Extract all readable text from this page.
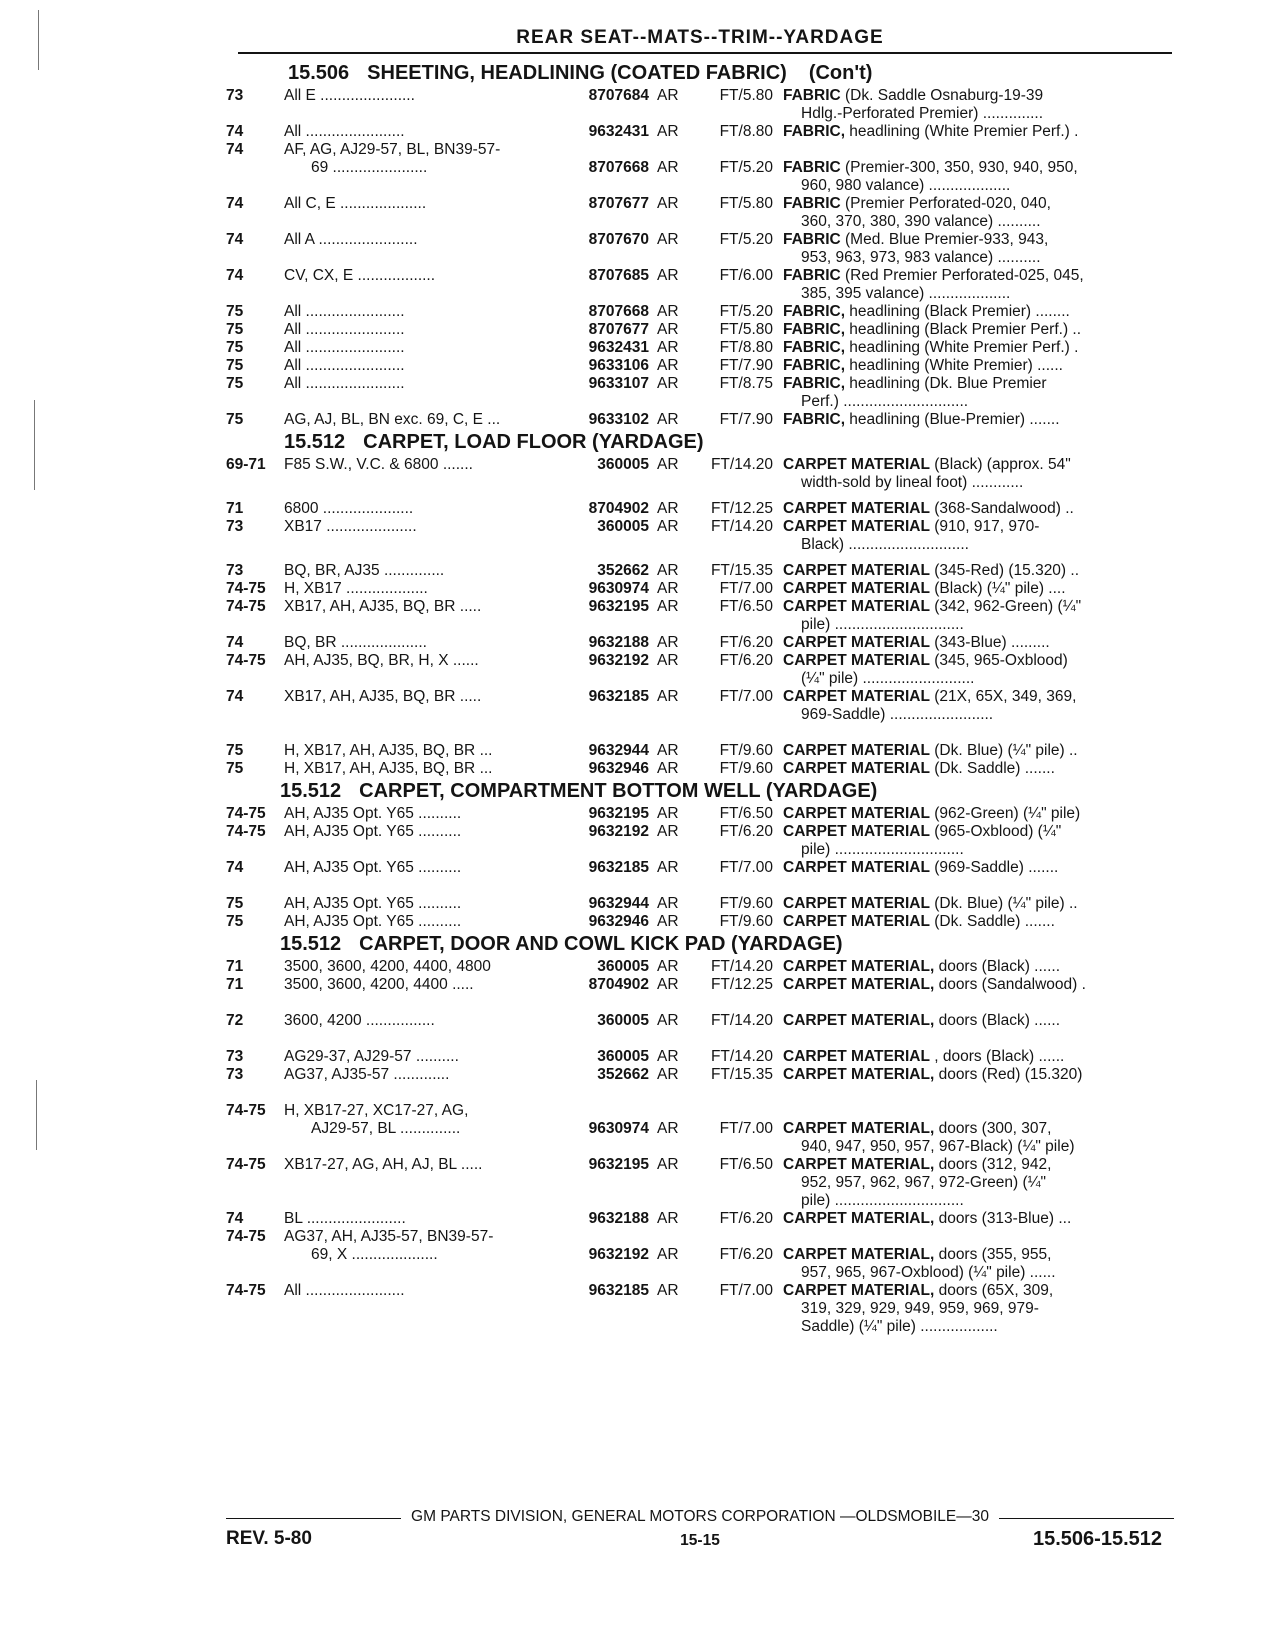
REAR SEAT--MATS--TRIM--YARDAGE
15.506 SHEETING, HEADLINING (COATED FABRIC) (Con't)
73	All E ......................	8707684 AR	FT/5.80 FABRIC (Dk. Saddle Osnaburg-19-39
Hdlg.-Perforated Premier) ..............
74	All .......................	9632431 AR	FT/8.80 FABRIC, headlining (White Premier Perf.) .
74	AF, AG, AJ29-57, BL, BN39-57-
69 ......................	8707668 AR	FT/5.20 FABRIC (Premier-300, 350, 930, 940, 950,
960, 980 valance) ...................
74	All C, E ....................	8707677 AR	FT/5.80 FABRIC (Premier Perforated-020, 040,
360, 370, 380, 390 valance) ..........
74	All A .......................	8707670 AR	FT/5.20 FABRIC (Med. Blue Premier-933, 943,
953, 963, 973, 983 valance) ..........
74	CV, CX, E ..................	8707685 AR	FT/6.00 FABRIC (Red Premier Perforated-025, 045,
385, 395 valance) ...................
75	All .......................	8707668 AR	FT/5.20 FABRIC, headlining (Black Premier) ........
75	All .......................	8707677 AR	FT/5.80 FABRIC, headlining (Black Premier Perf.) ..
75	All .......................	9632431 AR	FT/8.80 FABRIC, headlining (White Premier Perf.) .
75	All .......................	9633106 AR	FT/7.90 FABRIC, headlining (White Premier) ......
75	All .......................	9633107 AR	FT/8.75 FABRIC, headlining (Dk. Blue Premier
Perf.) .............................
75	AG, AJ, BL, BN exc. 69, C, E ...	9633102 AR	FT/7.90 FABRIC, headlining (Blue-Premier) .......
15.512 CARPET, LOAD FLOOR (YARDAGE)
69-71	F85 S.W., V.C. & 6800 .......	360005 AR	FT/14.20 CARPET MATERIAL (Black) (approx. 54"
width-sold by lineal foot) ............
71	6800 .....................	8704902 AR	FT/12.25 CARPET MATERIAL (368-Sandalwood) ..
73	XB17 .....................	360005 AR	FT/14.20 CARPET MATERIAL (910, 917, 970-
Black) ............................
73	BQ, BR, AJ35 ..............	352662 AR	FT/15.35 CARPET MATERIAL (345-Red) (15.320) ..
74-75	H, XB17 ...................	9630974 AR	FT/7.00 CARPET MATERIAL (Black) (¼" pile) ....
74-75	XB17, AH, AJ35, BQ, BR .....	9632195 AR	FT/6.50 CARPET MATERIAL (342, 962-Green) (¼"
pile) ..............................
74	BQ, BR ....................	9632188 AR	FT/6.20 CARPET MATERIAL (343-Blue) .........
74-75	AH, AJ35, BQ, BR, H, X ......	9632192 AR	FT/6.20 CARPET MATERIAL (345, 965-Oxblood)
(¼" pile) ..........................
74	XB17, AH, AJ35, BQ, BR .....	9632185 AR	FT/7.00 CARPET MATERIAL (21X, 65X, 349, 369,
969-Saddle) ........................
75	H, XB17, AH, AJ35, BQ, BR ...	9632944 AR	FT/9.60 CARPET MATERIAL (Dk. Blue) (¼" pile) ..
75	H, XB17, AH, AJ35, BQ, BR ...	9632946 AR	FT/9.60 CARPET MATERIAL (Dk. Saddle) .......
15.512 CARPET, COMPARTMENT BOTTOM WELL (YARDAGE)
74-75	AH, AJ35 Opt. Y65 ..........	9632195 AR	FT/6.50 CARPET MATERIAL (962-Green) (¼" pile)
74-75	AH, AJ35 Opt. Y65 ..........	9632192 AR	FT/6.20 CARPET MATERIAL (965-Oxblood) (¼"
pile) ..............................
74	AH, AJ35 Opt. Y65 ..........	9632185 AR	FT/7.00 CARPET MATERIAL (969-Saddle) .......
75	AH, AJ35 Opt. Y65 ..........	9632944 AR	FT/9.60 CARPET MATERIAL (Dk. Blue) (¼" pile) ..
75	AH, AJ35 Opt. Y65 ..........	9632946 AR	FT/9.60 CARPET MATERIAL (Dk. Saddle) .......
15.512 CARPET, DOOR AND COWL KICK PAD (YARDAGE)
71	3500, 3600, 4200, 4400, 4800	360005 AR	FT/14.20 CARPET MATERIAL, doors (Black) ......
71	3500, 3600, 4200, 4400 .....	8704902 AR	FT/12.25 CARPET MATERIAL, doors (Sandalwood) .
72	3600, 4200 ................	360005 AR	FT/14.20 CARPET MATERIAL, doors (Black) ......
73	AG29-37, AJ29-57 ..........	360005 AR	FT/14.20 CARPET MATERIAL , doors (Black) ......
73	AG37, AJ35-57 .............	352662 AR	FT/15.35 CARPET MATERIAL, doors (Red) (15.320)
74-75	H, XB17-27, XC17-27, AG,
AJ29-57, BL ..............	9630974 AR	FT/7.00 CARPET MATERIAL, doors (300, 307,
940, 947, 950, 957, 967-Black) (¼" pile)
74-75	XB17-27, AG, AH, AJ, BL .....	9632195 AR	FT/6.50 CARPET MATERIAL, doors (312, 942,
952, 957, 962, 967, 972-Green) (¼"
pile) ..............................
74	BL .......................	9632188 AR	FT/6.20 CARPET MATERIAL, doors (313-Blue) ...
74-75	AG37, AH, AJ35-57, BN39-57-
69, X ....................	9632192 AR	FT/6.20 CARPET MATERIAL, doors (355, 955,
957, 965, 967-Oxblood) (¼" pile) ......
74-75	All .......................	9632185 AR	FT/7.00 CARPET MATERIAL, doors (65X, 309,
319, 329, 929, 949, 959, 969, 979-
Saddle) (¼" pile) ..................
GM PARTS DIVISION, GENERAL MOTORS CORPORATION —OLDSMOBILE—30
REV. 5-80	15-15	15.506-15.512
